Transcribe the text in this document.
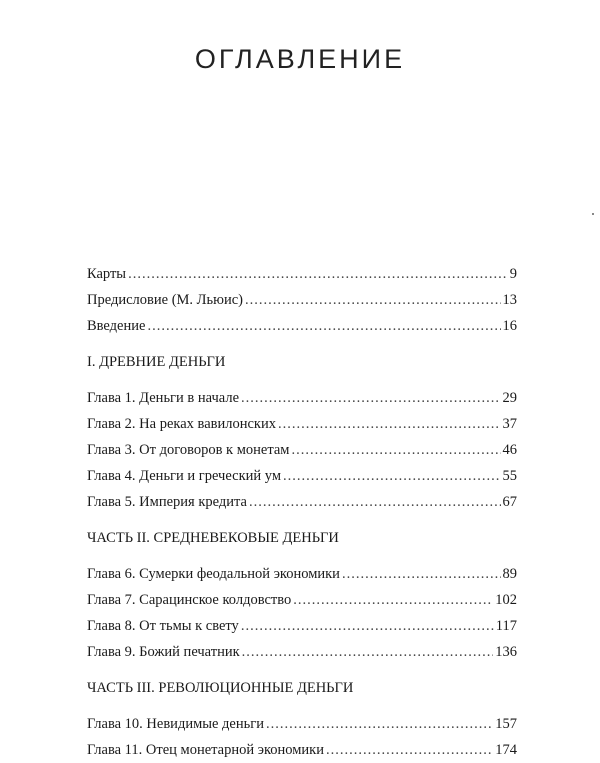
ОГЛАВЛЕНИЕ
Карты .....	9
Предисловие (М. Льюис) .....	13
Введение .....	16
I. ДРЕВНИЕ ДЕНЬГИ
Глава 1. Деньги в начале .....	29
Глава 2. На реках вавилонских .....	37
Глава 3. От договоров к монетам .....	46
Глава 4. Деньги и греческий ум .....	55
Глава 5. Империя кредита .....	67
ЧАСТЬ II. СРЕДНЕВЕКОВЫЕ ДЕНЬГИ
Глава 6. Сумерки феодальной экономики .....	89
Глава 7. Сарацинское колдовство .....	102
Глава 8. От тьмы к свету .....	117
Глава 9. Божий печатник .....	136
ЧАСТЬ III. РЕВОЛЮЦИОННЫЕ ДЕНЬГИ
Глава 10. Невидимые деньги .....	157
Глава 11. Отец монетарной экономики .....	174
